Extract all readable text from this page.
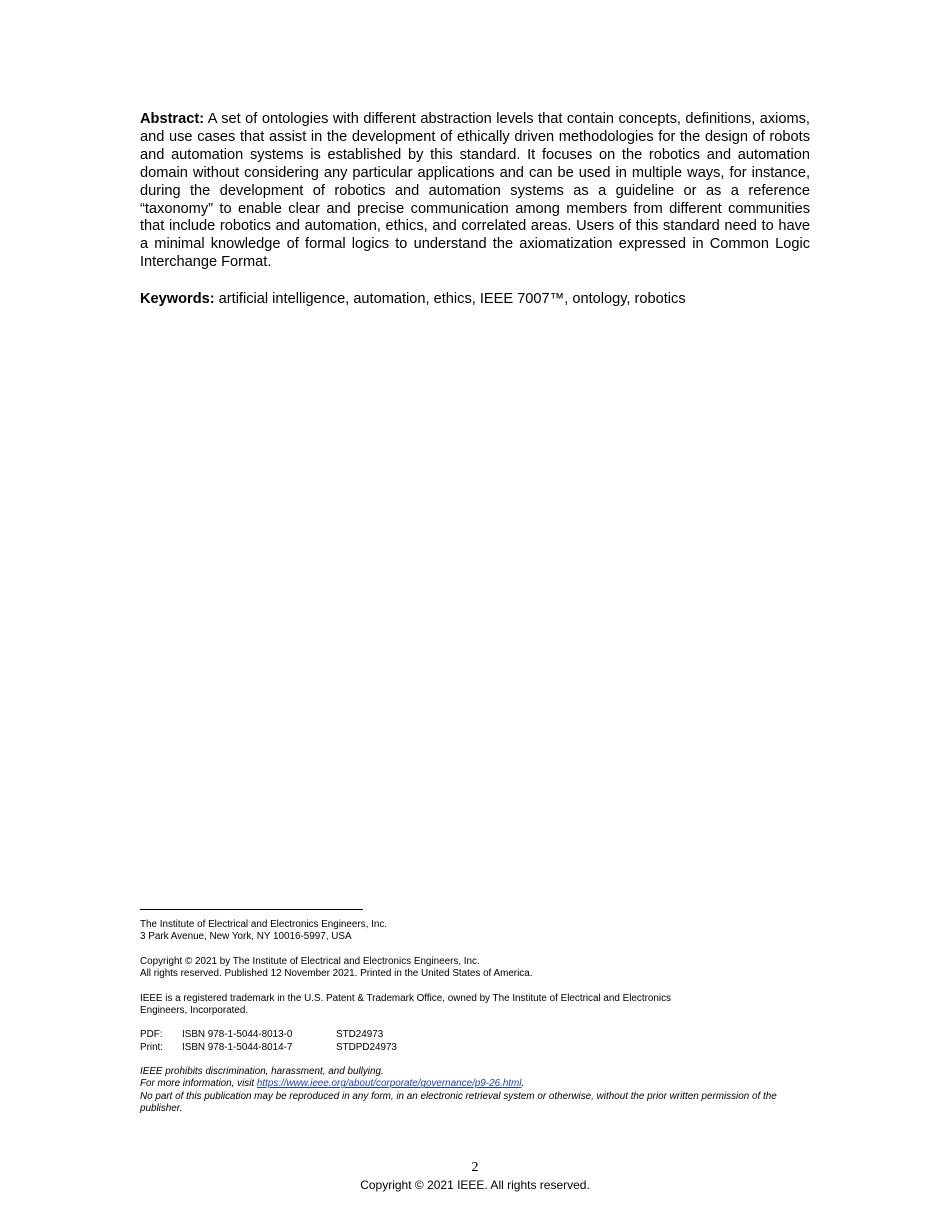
Abstract: A set of ontologies with different abstraction levels that contain concepts, definitions, axioms, and use cases that assist in the development of ethically driven methodologies for the design of robots and automation systems is established by this standard. It focuses on the robotics and automation domain without considering any particular applications and can be used in multiple ways, for instance, during the development of robotics and automation systems as a guideline or as a reference “taxonomy” to enable clear and precise communication among members from different communities that include robotics and automation, ethics, and correlated areas. Users of this standard need to have a minimal knowledge of formal logics to understand the axiomatization expressed in Common Logic Interchange Format.

Keywords: artificial intelligence, automation, ethics, IEEE 7007™, ontology, robotics

The Institute of Electrical and Electronics Engineers, Inc.
3 Park Avenue, New York, NY 10016-5997, USA

Copyright © 2021 by The Institute of Electrical and Electronics Engineers, Inc.
All rights reserved. Published 12 November 2021. Printed in the United States of America.

IEEE is a registered trademark in the U.S. Patent & Trademark Office, owned by The Institute of Electrical and Electronics
Engineers, Incorporated.

PDF:	ISBN 978-1-5044-8013-0	STD24973
Print:	ISBN 978-1-5044-8014-7	STDPD24973

IEEE prohibits discrimination, harassment, and bullying.

For more information, visit https://www.ieee.org/about/corporate/governance/p9-26.html.

No part of this publication may be reproduced in any form, in an electronic retrieval system or otherwise, without the prior written permission of the publisher.

2
Copyright © 2021 IEEE. All rights reserved.
